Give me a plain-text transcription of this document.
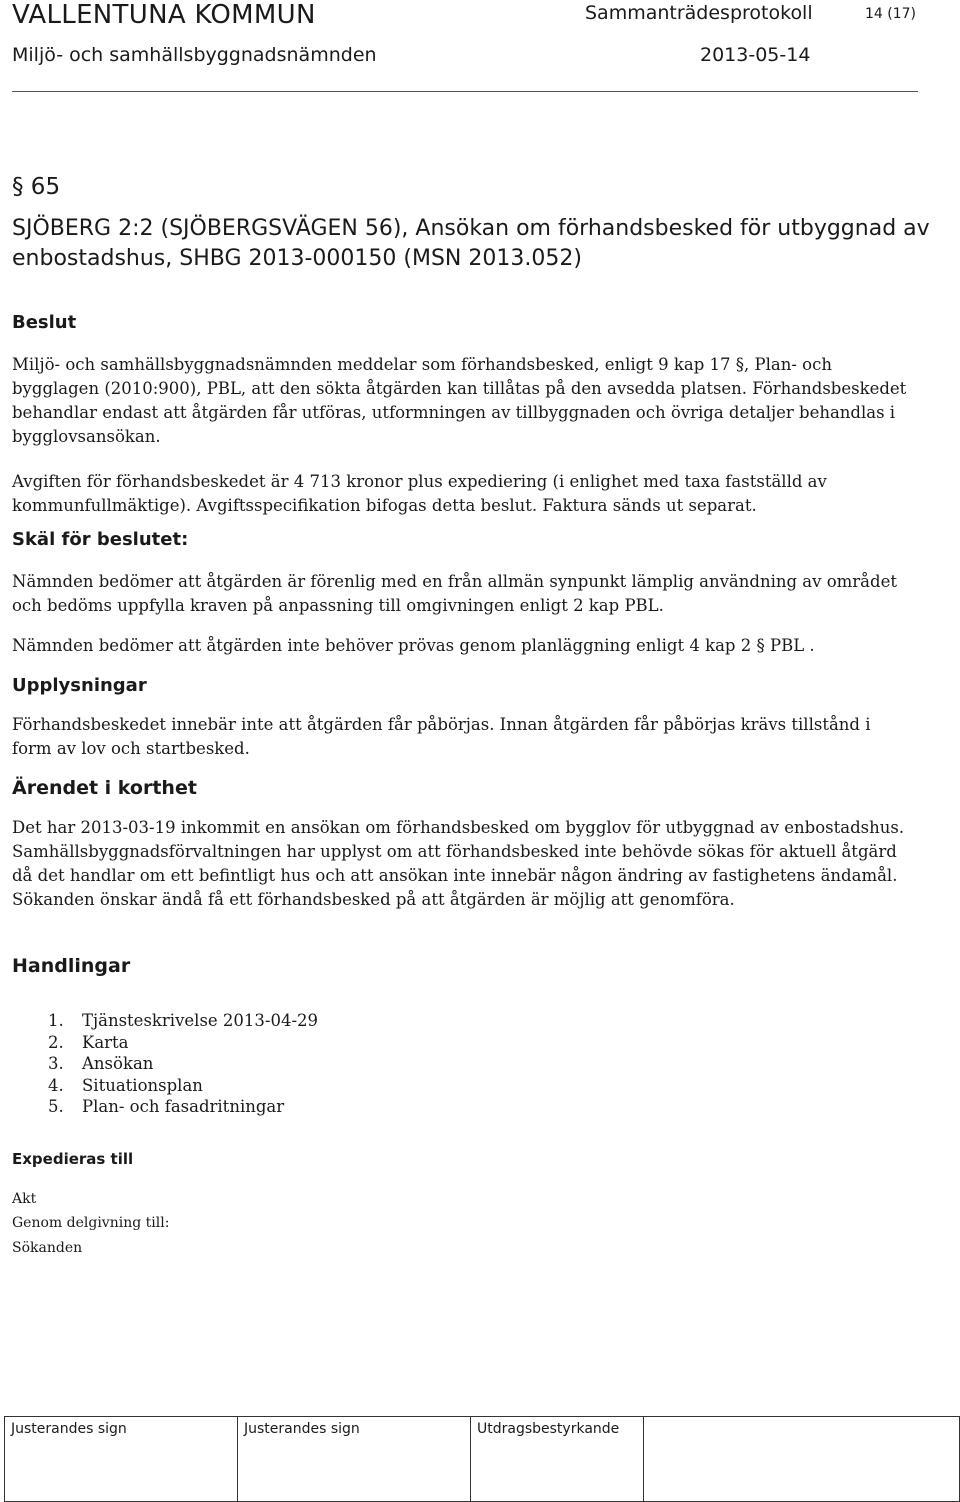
VALLENTUNA KOMMUN	Sammanträdesprotokoll	14 (17)
Miljö- och samhällsbyggnadsnämnden	2013-05-14
§ 65
SJÖBERG 2:2 (SJÖBERGSVÄGEN 56), Ansökan om förhandsbesked för utbyggnad av enbostadshus, SHBG 2013-000150 (MSN 2013.052)
Beslut
Miljö- och samhällsbyggnadsnämnden meddelar som förhandsbesked, enligt 9 kap 17 §, Plan- och bygglagen (2010:900), PBL, att den sökta åtgärden kan tillåtas på den avsedda platsen. Förhandsbeskedet behandlar endast att åtgärden får utföras, utformningen av tillbyggnaden och övriga detaljer behandlas i bygglovsansökan.
Avgiften för förhandsbeskedet är 4 713 kronor plus expediering (i enlighet med taxa fastställd av kommunfullmäktige). Avgiftsspecifikation bifogas detta beslut. Faktura sänds ut separat.
Skäl för beslutet:
Nämnden bedömer att åtgärden är förenlig med en från allmän synpunkt lämplig användning av området och bedöms uppfylla kraven på anpassning till omgivningen enligt 2 kap PBL.
Nämnden bedömer att åtgärden inte behöver prövas genom planläggning enligt 4 kap 2 § PBL .
Upplysningar
Förhandsbeskedet innebär inte att åtgärden får påbörjas. Innan åtgärden får påbörjas krävs tillstånd i form av lov och startbesked.
Ärendet i korthet
Det har 2013-03-19 inkommit en ansökan om förhandsbesked om bygglov för utbyggnad av enbostadshus. Samhällsbyggnadsförvaltningen har upplyst om att förhandsbesked inte behövde sökas för aktuell åtgärd då det handlar om ett befintligt hus och att ansökan inte innebär någon ändring av fastighetens ändamål. Sökanden önskar ändå få ett förhandsbesked på att åtgärden är möjlig att genomföra.
Handlingar
1. Tjänsteskrivelse 2013-04-29
2. Karta
3. Ansökan
4. Situationsplan
5. Plan- och fasadritningar
Expedieras till
Akt
Genom delgivning till:
Sökanden
Justerandes sign	Justerandes sign	Utdragsbestyrkande	
